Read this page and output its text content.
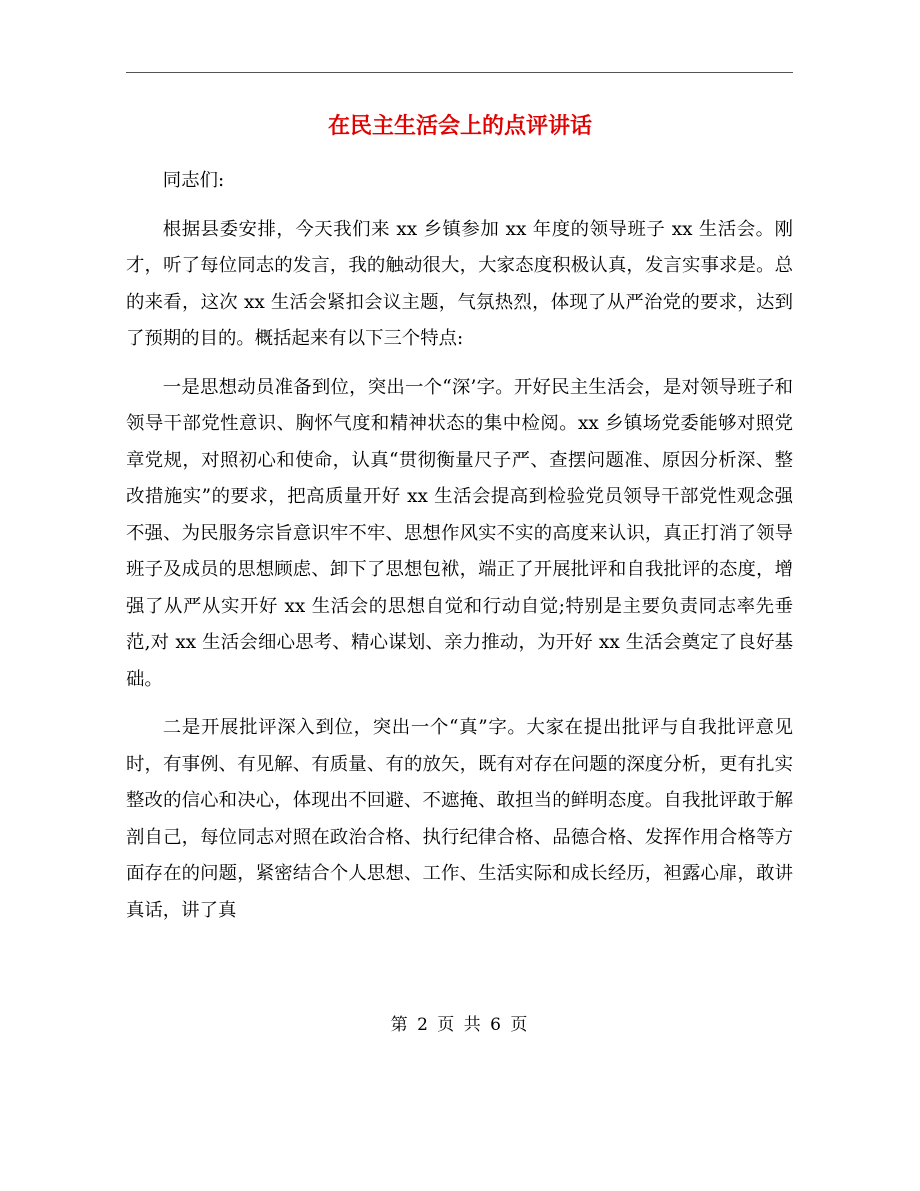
在民主生活会上的点评讲话

同志们:

根据县委安排，今天我们来 xx 乡镇参加 xx 年度的领导班子 xx 生活会。刚才，听了每位同志的发言，我的触动很大，大家态度积极认真，发言实事求是。总的来看，这次 xx 生活会紧扣会议主题，气氛热烈，体现了从严治党的要求，达到了预期的目的。概括起来有以下三个特点:

一是思想动员准备到位，突出一个“深’字。开好民主生活会，是对领导班子和领导干部党性意识、胸怀气度和精神状态的集中检阅。xx 乡镇场党委能够对照党章党规，对照初心和使命，认真“贯彻衡量尺子严、查摆问题准、原因分析深、整改措施实”的要求，把高质量开好 xx 生活会提高到检验党员领导干部党性观念强不强、为民服务宗旨意识牢不牢、思想作风实不实的高度来认识，真正打消了领导班子及成员的思想顾虑、卸下了思想包袱，端正了开展批评和自我批评的态度，增强了从严从实开好 xx 生活会的思想自觉和行动自觉;特别是主要负责同志率先垂范,对 xx 生活会细心思考、精心谋划、亲力推动，为开好 xx 生活会奠定了良好基础。

二是开展批评深入到位，突出一个“真”字。大家在提出批评与自我批评意见时，有事例、有见解、有质量、有的放矢，既有对存在问题的深度分析，更有扎实整改的信心和决心，体现出不回避、不遮掩、敢担当的鲜明态度。自我批评敢于解剖自己，每位同志对照在政治合格、执行纪律合格、品德合格、发挥作用合格等方面存在的问题，紧密结合个人思想、工作、生活实际和成长经历，袒露心扉，敢讲真话，讲了真

第 2 页 共 6 页
